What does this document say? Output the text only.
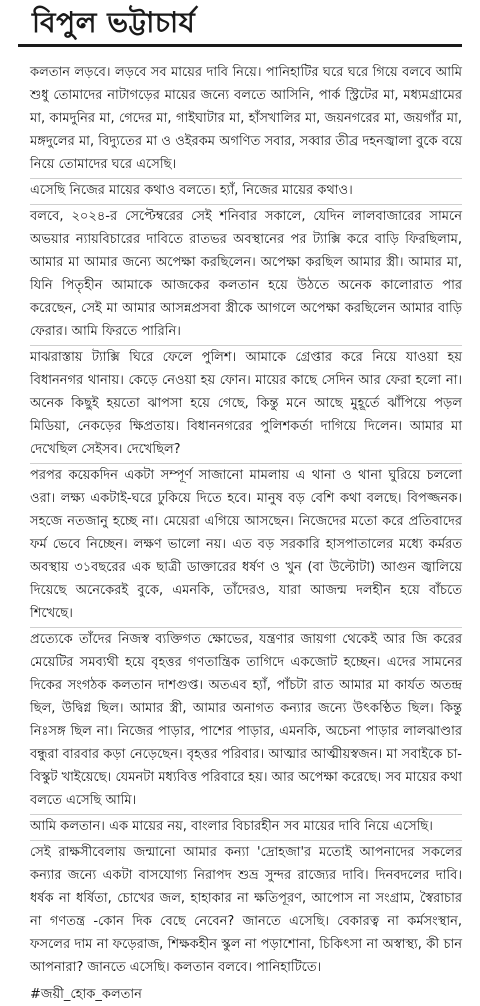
বিপুল ভট্টাচার্য

কলতান লড়বে। লড়বে সব মায়ের দাবি নিয়ে। পানিহাটির ঘরে ঘরে গিয়ে বলবে আমি শুধু তোমাদের নাটাগড়ের মায়ের জন্যে বলতে আসিনি, পার্ক স্ট্রিটের মা, মধ্যমগ্রামের মা, কামদুনির মা, গেদের মা, গাইঘাটার মা, হাঁসখালির মা, জয়নগরের মা, জয়গাঁর মা, মঙ্গদুলের মা, বিদ্যুতের মা ও ওইরকম অগণিত সবার, সব্বার তীব্র দহনজ্বালা বুকে বয়ে নিয়ে তোমাদের ঘরে এসেছি।

এসেছি নিজের মায়ের কথাও বলতে। হ্যাঁ, নিজের মায়ের কথাও।

বলবে, ২০২৪-র সেপ্টেম্বরের সেই শনিবার সকালে, যেদিন লালবাজারের সামনে অভয়ার ন্যায়বিচারের দাবিতে রাতভর অবস্থানের পর ট্যাক্সি করে বাড়ি ফিরছিলাম, আমার মা আমার জন্যে অপেক্ষা করছিলেন। অপেক্ষা করছিল আমার স্ত্রী। আমার মা, যিনি পিতৃহীন আমাকে আজকের কলতান হয়ে উঠতে অনেক কালোরাত পার করেছেন, সেই মা আমার আসন্নপ্রসবা স্ত্রীকে আগলে অপেক্ষা করছিলেন আমার বাড়ি ফেরার। আমি ফিরতে পারিনি।

মাঝরাস্তায় ট্যাক্সি ঘিরে ফেলে পুলিশ। আমাকে গ্রেপ্তার করে নিয়ে যাওয়া হয় বিধাননগর থানায়। কেড়ে নেওয়া হয় ফোন। মায়ের কাছে সেদিন আর ফেরা হলো না। অনেক কিছুই হয়তো ঝাপসা হয়ে গেছে, কিন্তু মনে আছে মুহূর্তে ঝাঁপিয়ে পড়ল মিডিয়া, নেকড়ের ক্ষিপ্রতায়। বিধাননগরের পুলিশকর্তা দাগিয়ে দিলেন। আমার মা দেখেছিল সেইসব। দেখেছিল?

পরপর কয়েকদিন একটা সম্পূর্ণ সাজানো মামলায় এ থানা ও থানা ঘুরিয়ে চললো ওরা। লক্ষ্য একটাই-ঘরে ঢুকিয়ে দিতে হবে। মানুষ বড় বেশি কথা বলছে। বিপজ্জনক। সহজে নতজানু হচ্ছে না। মেয়েরা এগিয়ে আসছেন। নিজেদের মতো করে প্রতিবাদের ফর্ম ভেবে নিচ্ছেন। লক্ষণ ভালো নয়। এত বড় সরকারি হাসপাতালের মধ্যে কর্মরত অবস্থায় ৩১বছরের এক ছাত্রী ডাক্তারের ধর্ষণ ও খুন (বা উল্টোটা) আগুন জ্বালিয়ে দিয়েছে অনেকেরই বুকে, এমনকি, তাঁদেরও, যারা আজন্ম দলহীন হয়ে বাঁচতে শিখেছে।

প্রত্যেকে তাঁদের নিজস্ব ব্যক্তিগত ক্ষোভের, যন্ত্রণার জায়গা থেকেই আর জি করের মেয়েটির সমব্যথী হয়ে বৃহত্তর গণতান্ত্রিক তাগিদে একজোট হচ্ছেন। এদের সামনের দিকের সংগঠক কলতান দাশগুপ্ত। অতএব হ্যাঁ, পাঁচটা রাত আমার মা কার্যত অতন্দ্র ছিল, উদ্বিগ্ন ছিল। আমার স্ত্রী, আমার অনাগত কন্যার জন্যে উৎকণ্ঠিত ছিল। কিন্তু নিঃসঙ্গ ছিল না। নিজের পাড়ার, পাশের পাড়ার, এমনকি, অচেনা পাড়ার লালঝাণ্ডার বন্ধুরা বারবার কড়া নেড়েছেন। বৃহত্তর পরিবার। আত্মার আত্মীয়স্বজন। মা সবাইকে চা-বিস্কুট খাইয়েছে। যেমনটা মধ্যবিত্ত পরিবারে হয়। আর অপেক্ষা করেছে। সব মায়ের কথা বলতে এসেছি আমি।

আমি কলতান। এক মায়ের নয়, বাংলার বিচারহীন সব মায়ের দাবি নিয়ে এসেছি।

সেই রাক্ষসীবেলায় জন্মানো আমার কন্যা 'দ্রোহজা'র মতোই আপনাদের সকলের কন্যার জন্যে একটা বাসযোগ্য নিরাপদ শুভ্র সুন্দর রাজ্যের দাবি। দিনবদলের দাবি। ধর্ষক না ধর্ষিতা, চোখের জল, হাহাকার না ক্ষতিপূরণ, আপোস না সংগ্রাম, স্বৈরাচার না গণতন্ত্র -কোন দিক বেছে নেবেন? জানতে এসেছি। বেকারত্ব না কর্মসংস্থান, ফসলের দাম না ফড়েরাজ, শিক্ষকহীন স্কুল না পড়াশোনা, চিকিৎসা না অস্বাস্থ্য, কী চান আপনারা? জানতে এসেছি। কলতান বলবে। পানিহাটিতে।

#জয়ী_হোক_কলতান
